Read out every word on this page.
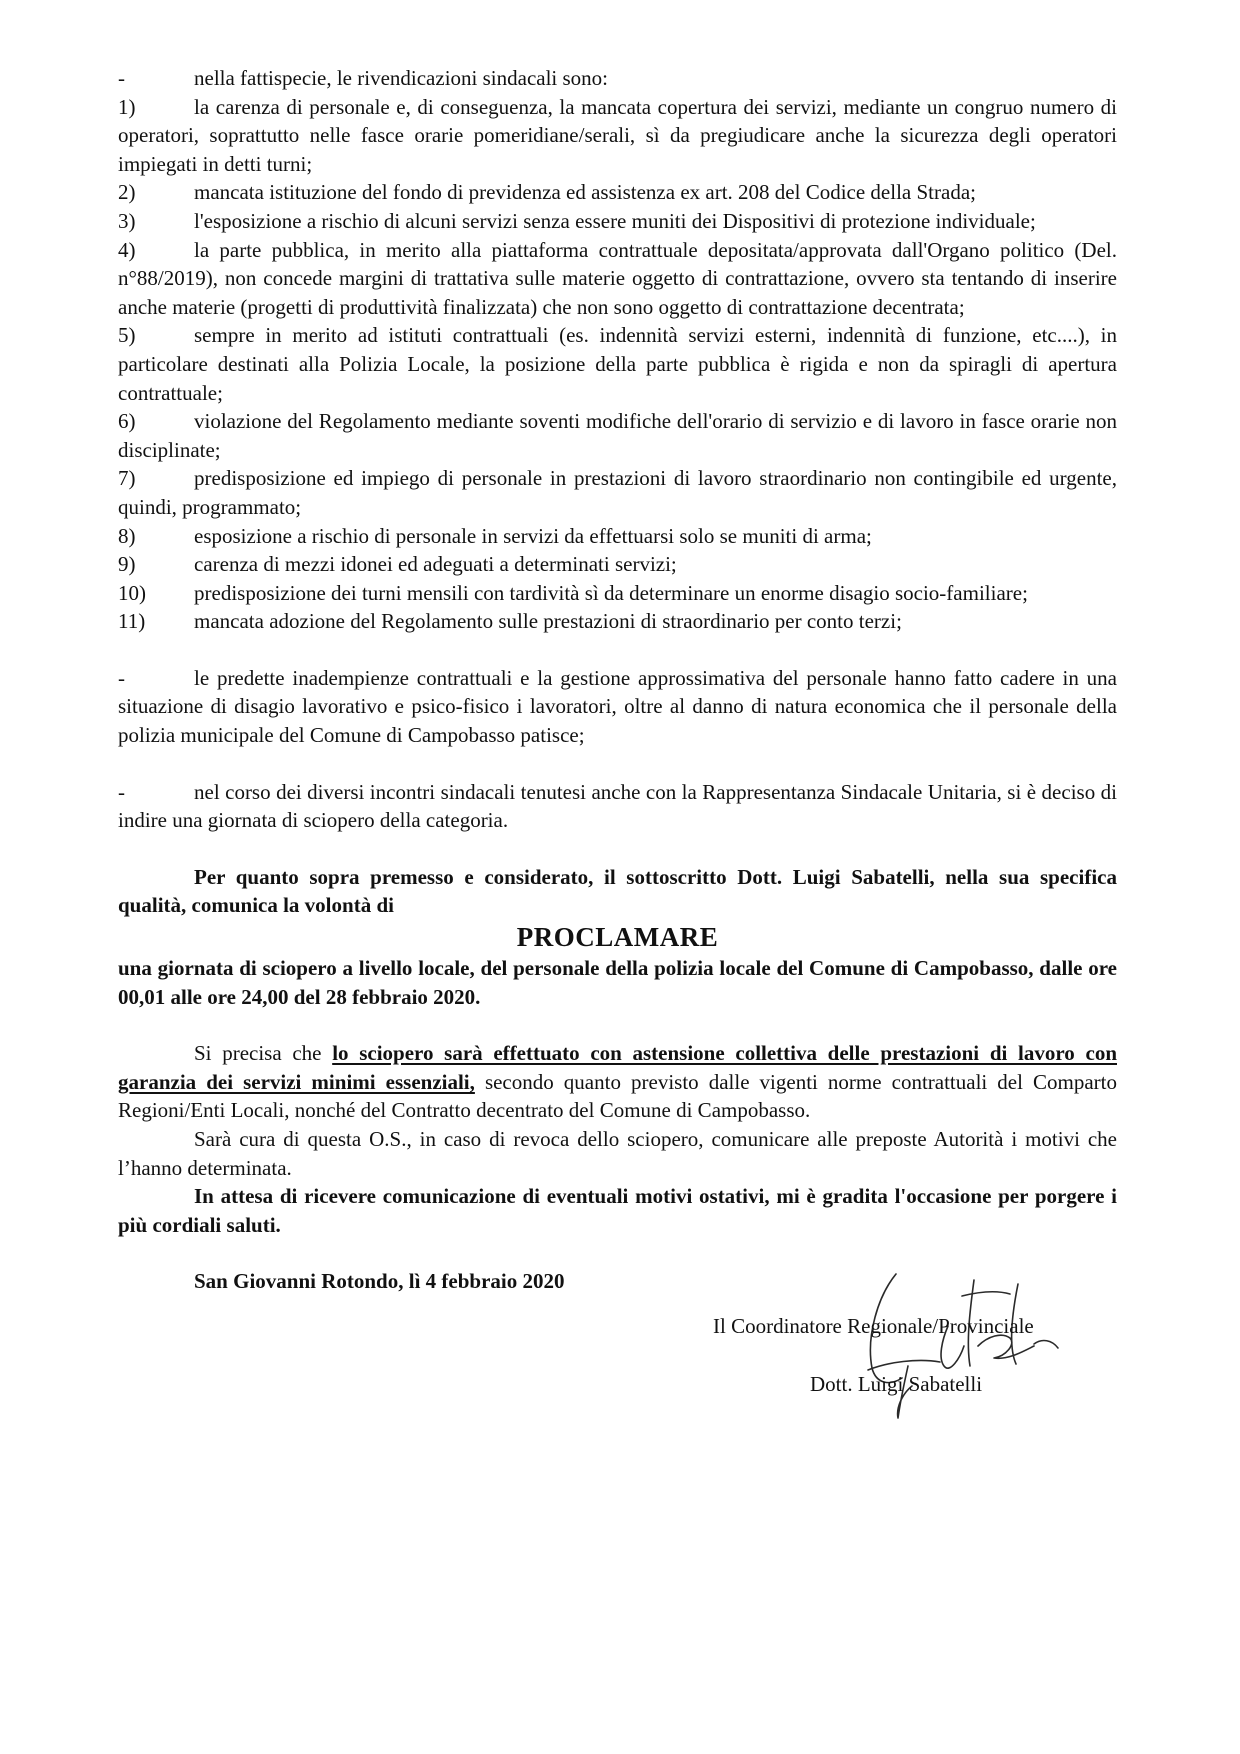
-	nella fattispecie, le rivendicazioni sindacali sono:

1)	la carenza di personale e, di conseguenza, la mancata copertura dei servizi, mediante un congruo numero di operatori, soprattutto nelle fasce orarie pomeridiane/serali, sì da pregiudicare anche la sicurezza degli operatori impiegati in detti turni;

2)	mancata istituzione del fondo di previdenza ed assistenza ex art. 208 del Codice della Strada;

3)	l'esposizione a rischio di alcuni servizi senza essere muniti dei Dispositivi di protezione individuale;

4)	la parte pubblica, in merito alla piattaforma contrattuale depositata/approvata dall'Organo politico (Del. n°88/2019), non concede margini di trattativa sulle materie oggetto di contrattazione, ovvero sta tentando di inserire anche materie (progetti di produttività finalizzata) che non sono oggetto di contrattazione decentrata;

5)	sempre in merito ad istituti contrattuali (es. indennità servizi esterni, indennità di funzione, etc....), in particolare destinati alla Polizia Locale, la posizione della parte pubblica è rigida e non da spiragli di apertura contrattuale;

6)	violazione del Regolamento mediante soventi modifiche dell'orario di servizio e di lavoro in fasce orarie non disciplinate;

7)	predisposizione ed impiego di personale in prestazioni di lavoro straordinario non contingibile ed urgente, quindi, programmato;

8)	esposizione a rischio di personale in servizi da effettuarsi solo se muniti di arma;

9)	carenza di mezzi idonei ed adeguati a determinati servizi;

10) predisposizione dei turni mensili con tardività sì da determinare un enorme disagio socio-familiare;

11) mancata adozione del Regolamento sulle prestazioni di straordinario per conto terzi;

-	le predette inadempienze contrattuali e la gestione approssimativa del personale hanno fatto cadere in una situazione di disagio lavorativo e psico-fisico i lavoratori, oltre al danno di natura economica che il personale della polizia municipale del Comune di Campobasso patisce;

-	nel corso dei diversi incontri sindacali tenutesi anche con la Rappresentanza Sindacale Unitaria, si è deciso di indire una giornata di sciopero della categoria.

Per quanto sopra premesso e considerato, il sottoscritto Dott. Luigi Sabatelli, nella sua specifica qualità, comunica la volontà di

PROCLAMARE

una giornata di sciopero a livello locale, del personale della polizia locale del Comune di Campobasso, dalle ore 00,01 alle ore 24,00 del 28 febbraio 2020.

Si precisa che lo sciopero sarà effettuato con astensione collettiva delle prestazioni di lavoro con garanzia dei servizi minimi essenziali, secondo quanto previsto dalle vigenti norme contrattuali del Comparto Regioni/Enti Locali, nonché del Contratto decentrato del Comune di Campobasso.

Sarà cura di questa O.S., in caso di revoca dello sciopero, comunicare alle preposte Autorità i motivi che l’hanno determinata.

In attesa di ricevere comunicazione di eventuali motivi ostativi, mi è gradita l'occasione per porgere i più cordiali saluti.

San Giovanni Rotondo, lì 4 febbraio 2020

Il Coordinatore Regionale/Provinciale
Dott. Luigi Sabatelli
